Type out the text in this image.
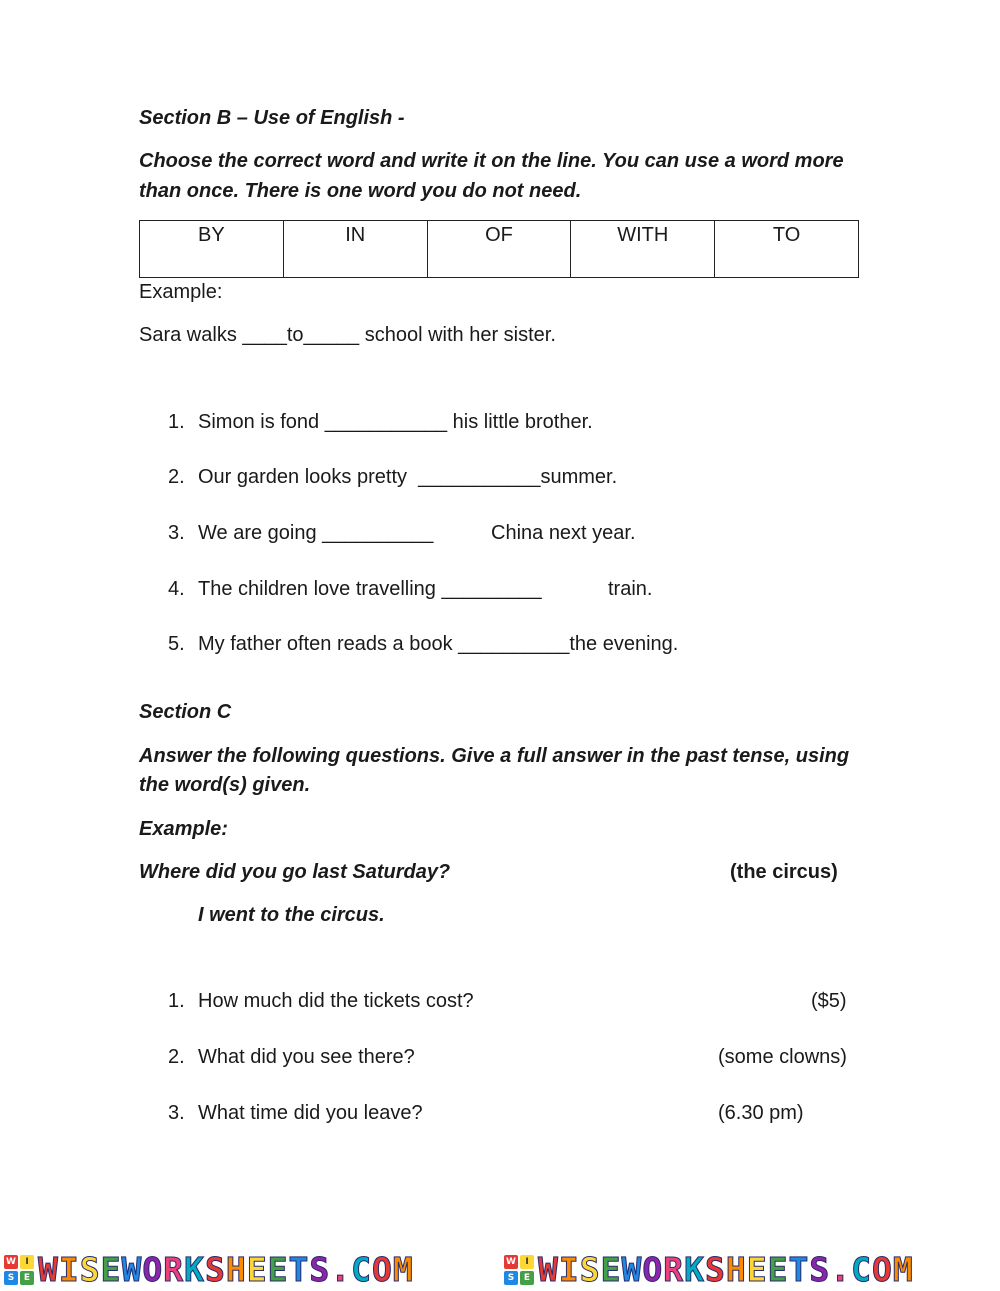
Section B – Use of English -
Choose the correct word and write it on the line. You can use a word more
than once. There is one word you do not need.
BY	IN	OF	WITH	TO
Example:
Sara walks ____to_____ school with her sister.
1. Simon is fond ___________ his little brother.
2. Our garden looks pretty  ___________summer.
3. We are going __________	China next year.
4. The children love travelling _________	train.
5. My father often reads a book __________the evening.
Section C
Answer the following questions. Give a full answer in the past tense, using
the word(s) given.
Example:
Where did you go last Saturday?	(the circus)
I went to the circus.
1. How much did the tickets cost?	($5)
2. What did you see there?	(some clowns)
3. What time did you leave?	(6.30 pm)
W	I
S	E WISEWORKSHEETS.COM	W	I
S	E WISEWORKSHEETS.COM
